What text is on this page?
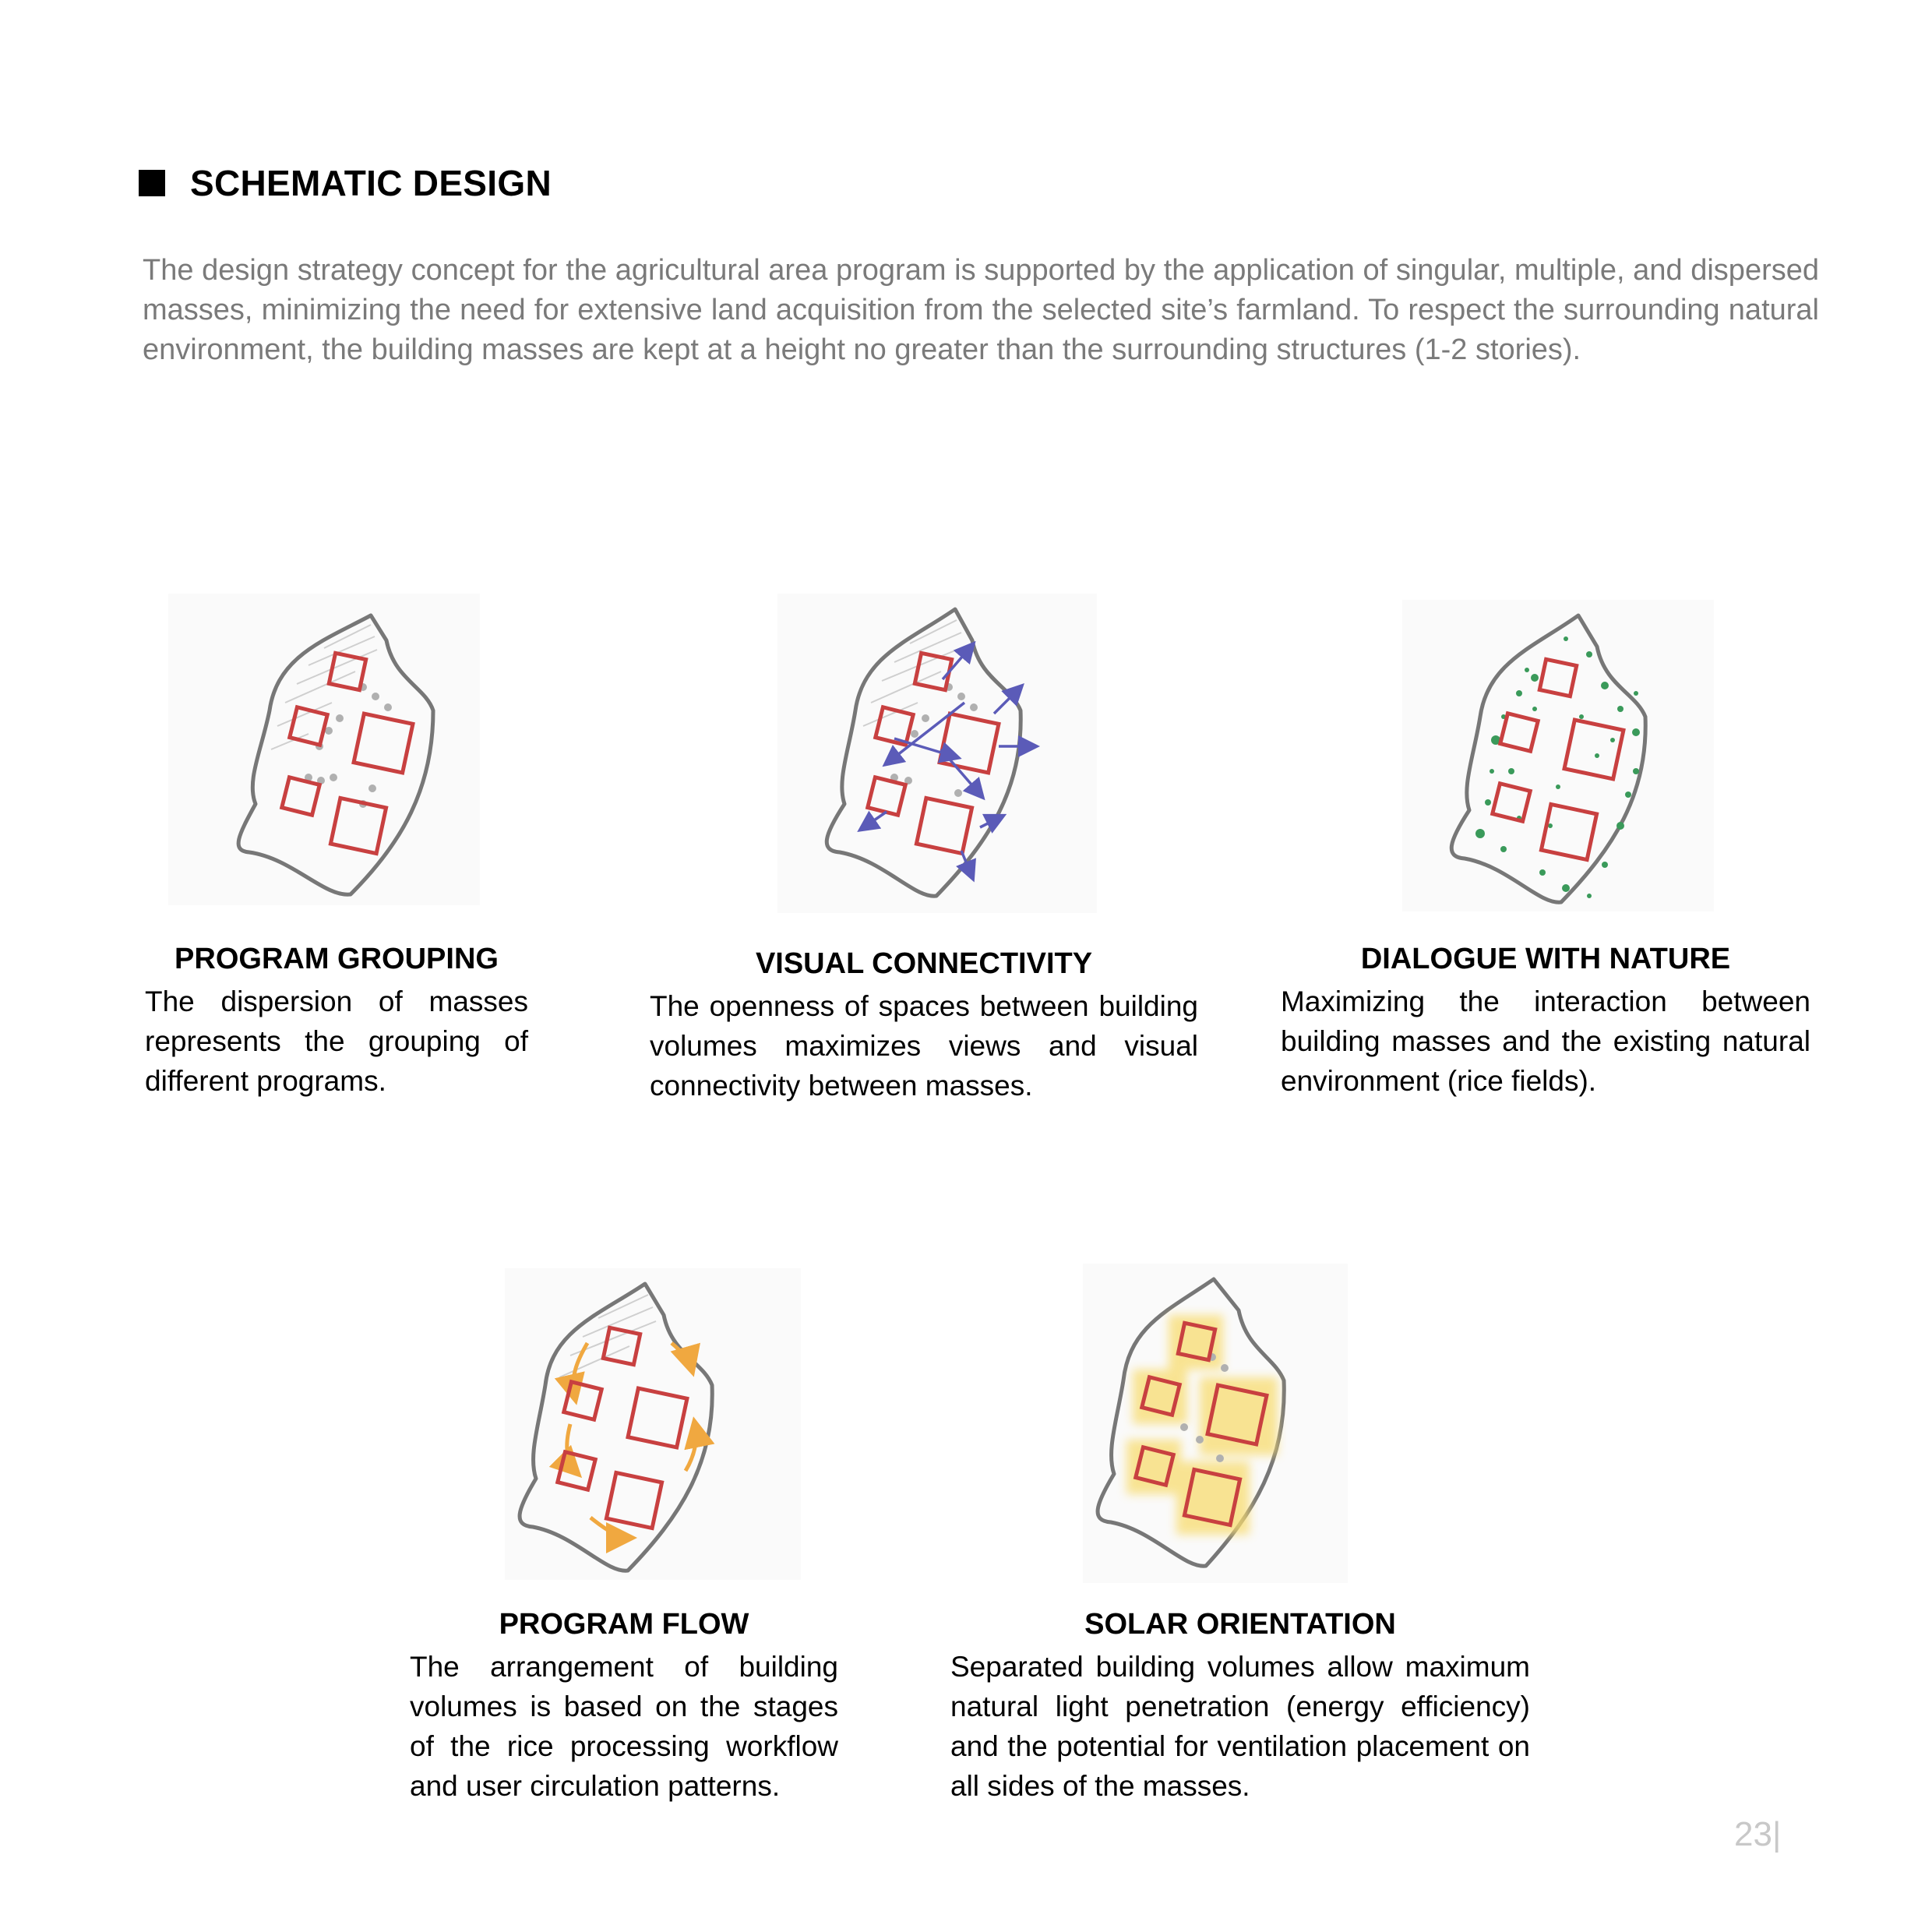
SCHEMATIC DESIGN

The design strategy concept for the agricultural area program is supported by the application of singular, multiple, and dispersed masses, minimizing the need for extensive land acquisition from the selected site’s farmland. To respect the surrounding natural environment, the building masses are kept at a height no greater than the surrounding structures (1-2 stories).

PROGRAM GROUPING
The dispersion of masses represents the grouping of different programs.
VISUAL CONNECTIVITY
The openness of spaces between building volumes maximizes views and visual connectivity between masses.
DIALOGUE WITH NATURE
Maximizing the interaction between building masses and the existing natural environment (rice fields).
PROGRAM FLOW
The arrangement of building volumes is based on the stages of the rice processing workflow and user circulation patterns.
SOLAR ORIENTATION
Separated building volumes allow maximum natural light penetration (energy efficiency) and the potential for ventilation placement on all sides of the masses.
23|
